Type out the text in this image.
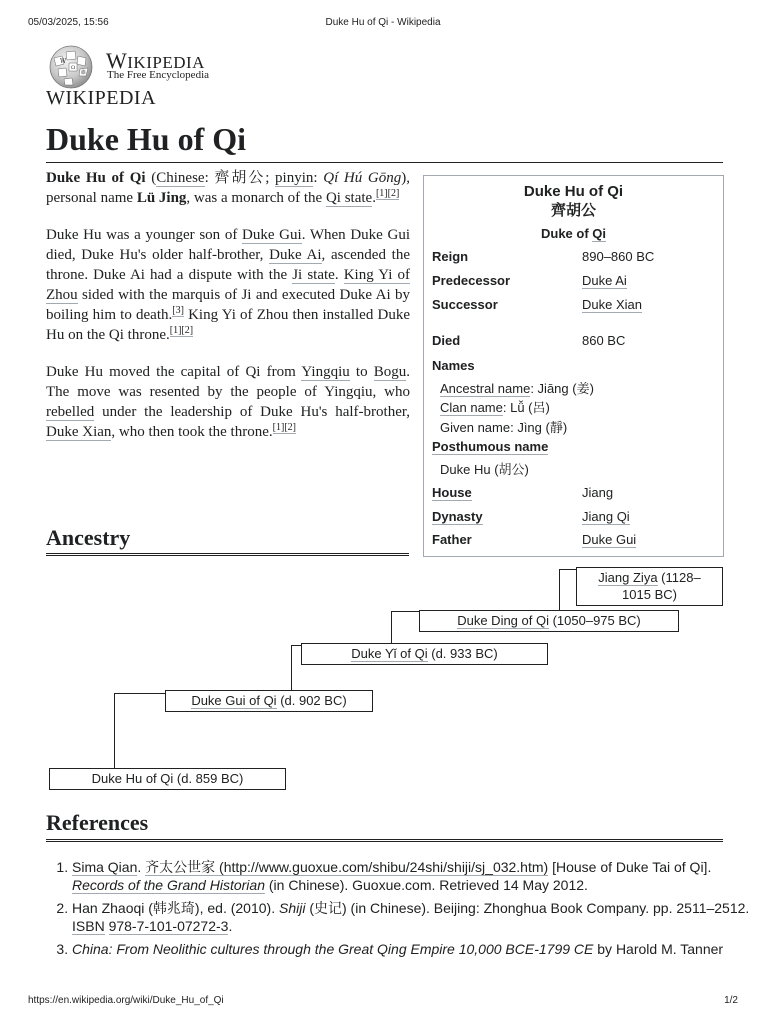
05/03/2025, 15:56	Duke Hu of Qi - Wikipedia
W
Ω
維 WIKIPEDIA
The Free Encyclopedia
WIKIPEDIA
Duke Hu of Qi

Duke Hu of Qi (Chinese: 齊胡公; pinyin: Qí Hú Gōng), personal name Lü Jing, was a monarch of the Qi state.[1][2]

Duke Hu was a younger son of Duke Gui. When Duke Gui died, Duke Hu's older half-brother, Duke Ai, ascended the throne. Duke Ai had a dispute with the Ji state. King Yi of Zhou sided with the marquis of Ji and executed Duke Ai by boiling him to death.[3] King Yi of Zhou then installed Duke Hu on the Qi throne.[1][2]

Duke Hu moved the capital of Qi from Yingqiu to Bogu. The move was resented by the people of Yingqiu, who rebelled under the leadership of Duke Hu's half-brother, Duke Xian, who then took the throne.[1][2]

Duke Hu of Qi
齊胡公
Duke of Qi
Reign	890–860 BC
Predecessor	Duke Ai
Successor	Duke Xian
Died	860 BC
Names
Ancestral name: Jiāng (姜)
Clan name: Lǚ (呂)
Given name: Jìng (靜)
Posthumous name
Duke Hu (胡公)
House	Jiang
Dynasty	Jiang Qi
Father	Duke Gui
Ancestry
Jiang Ziya (1128–
1015 BC)
Duke Ding of Qi (1050–975 BC)
Duke Yǐ of Qi (d. 933 BC)
Duke Gui of Qi (d. 902 BC)
Duke Hu of Qi (d. 859 BC)
References
1. Sima Qian. 齐太公世家 (http://www.guoxue.com/shibu/24shi/shiji/sj_032.htm) [House of Duke Tai of Qi]. Records of the Grand Historian (in Chinese). Guoxue.com. Retrieved 14 May 2012.
2. Han Zhaoqi (韩兆琦), ed. (2010). Shiji (史记) (in Chinese). Beijing: Zhonghua Book Company. pp. 2511–2512. ISBN 978-7-101-07272-3.
3. China: From Neolithic cultures through the Great Qing Empire 10,000 BCE-1799 CE by Harold M. Tanner
https://en.wikipedia.org/wiki/Duke_Hu_of_Qi	1/2
